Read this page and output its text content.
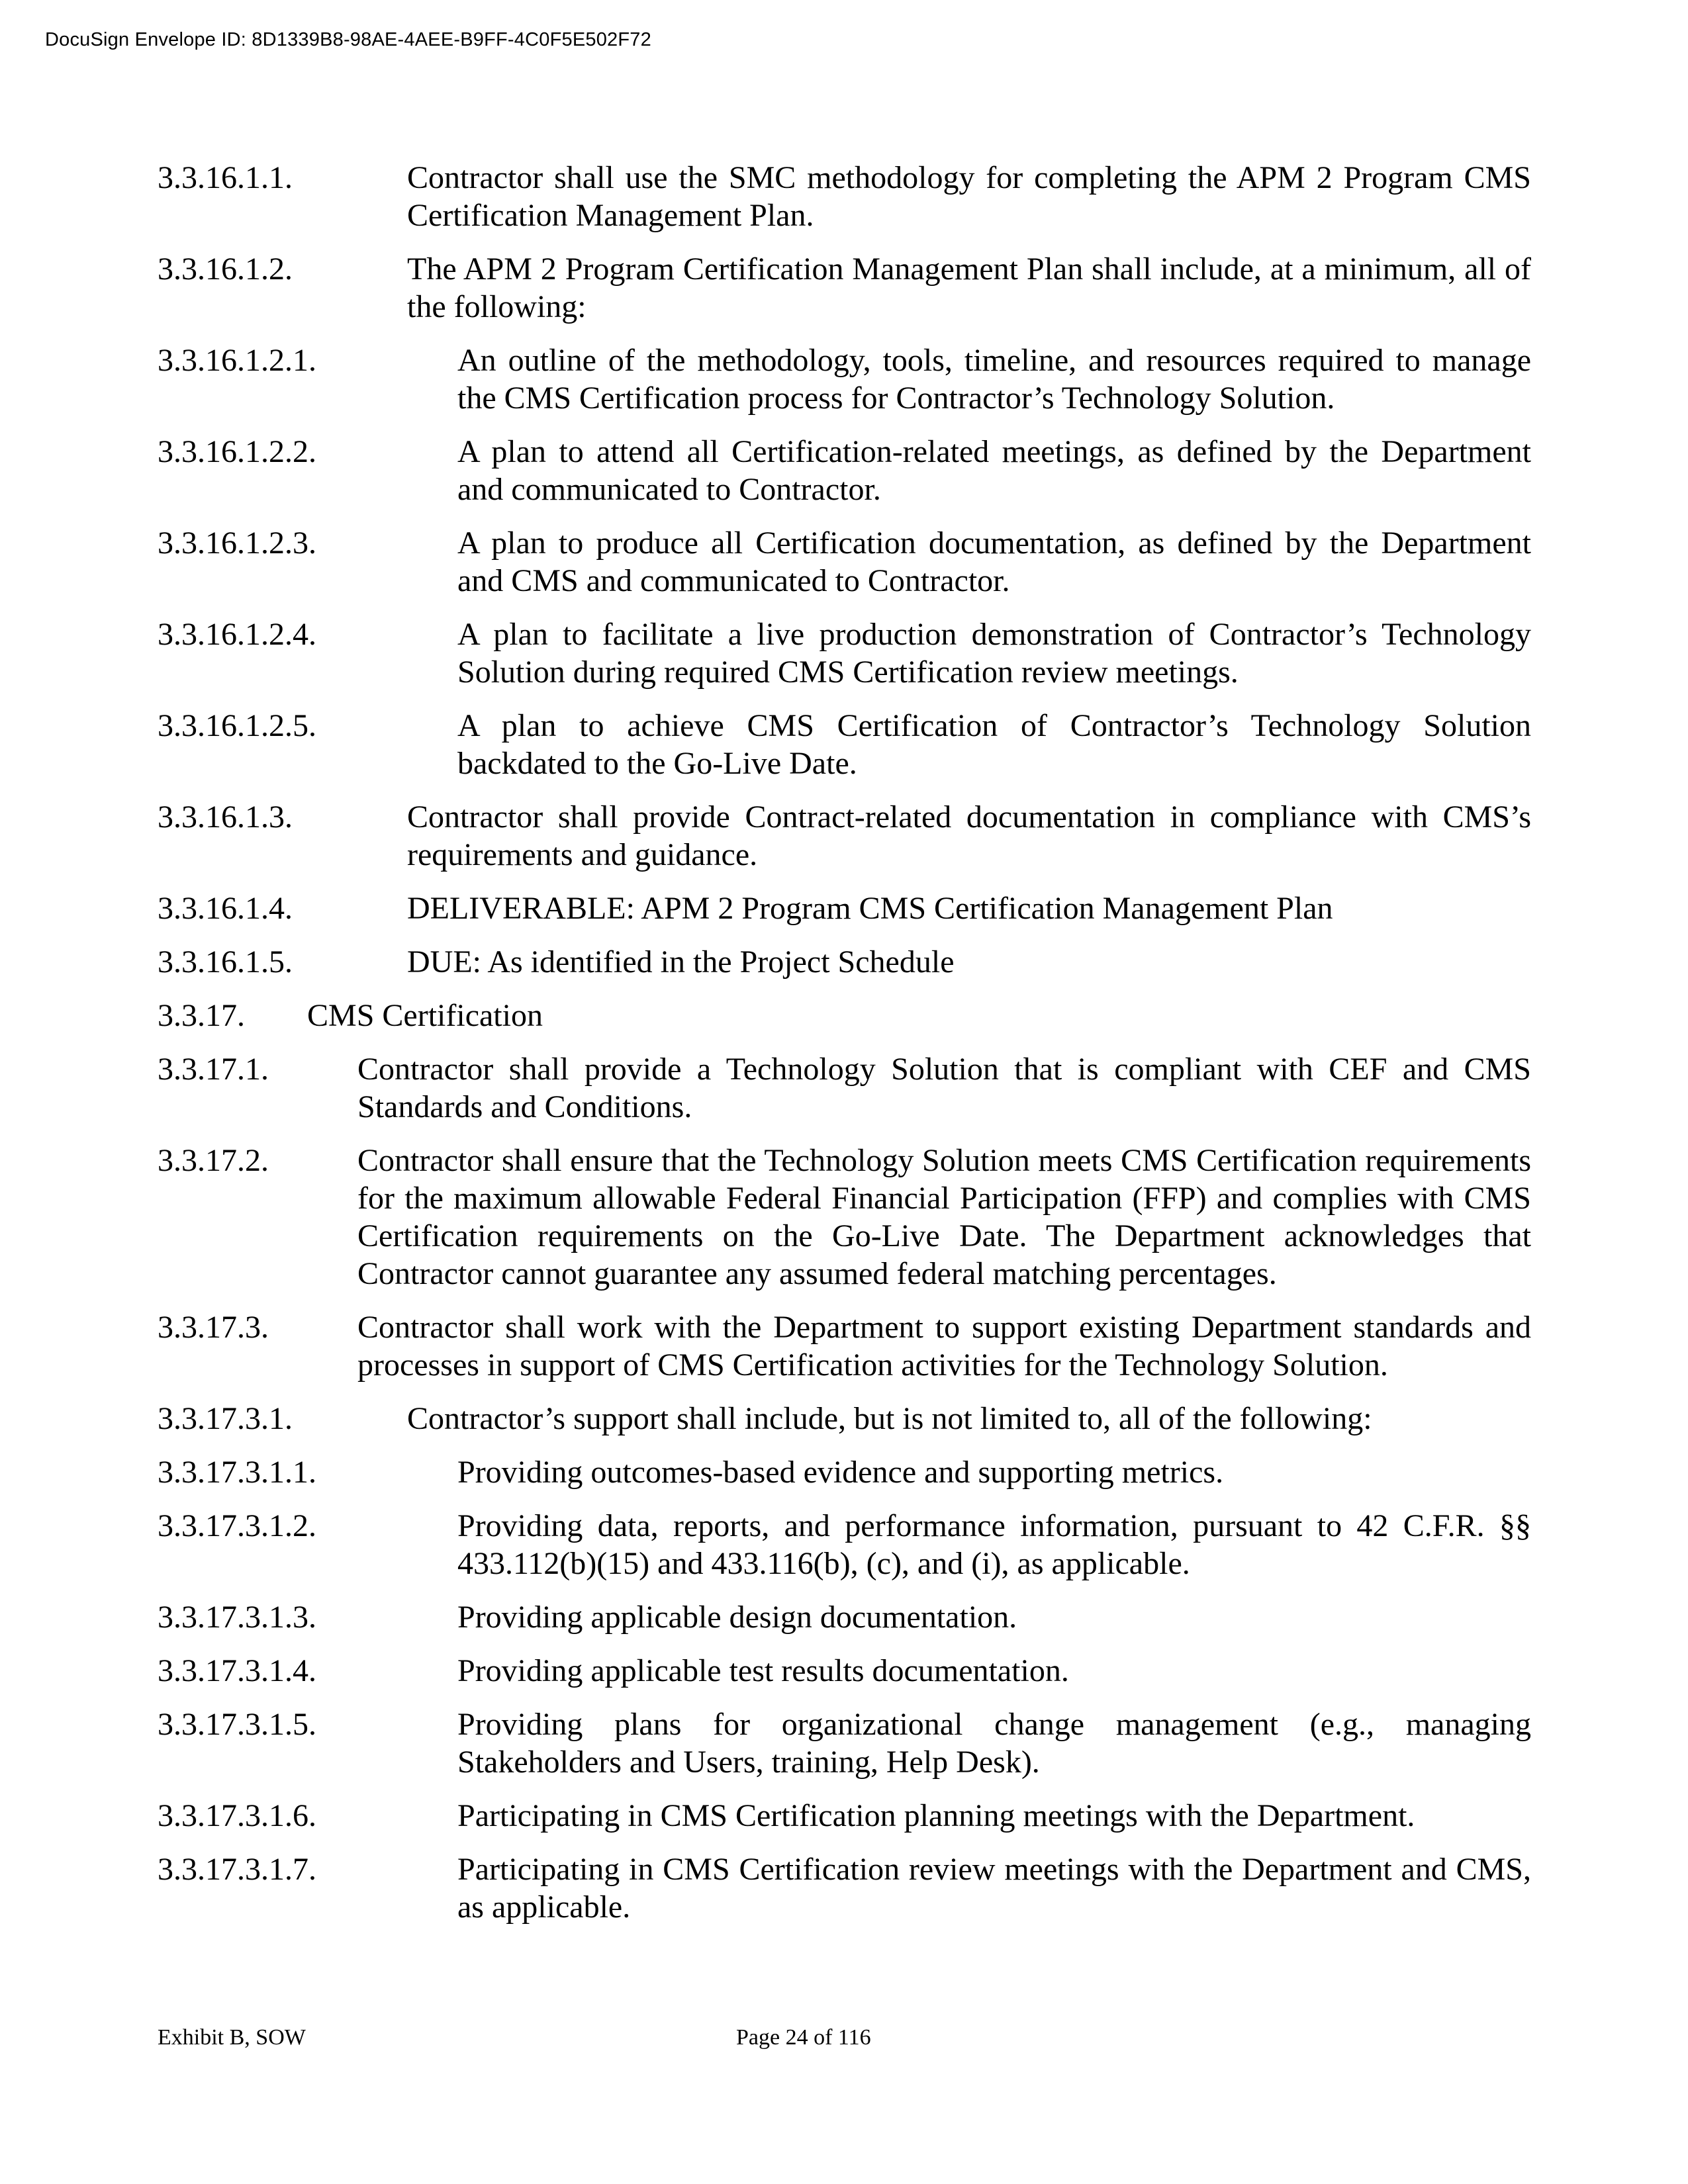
DocuSign Envelope ID: 8D1339B8-98AE-4AEE-B9FF-4C0F5E502F72
3.3.16.1.1.	Contractor shall use the SMC methodology for completing the APM 2 Program CMS Certification Management Plan.
3.3.16.1.2.	The APM 2 Program Certification Management Plan shall include, at a minimum, all of the following:
3.3.16.1.2.1.	An outline of the methodology, tools, timeline, and resources required to manage the CMS Certification process for Contractor’s Technology Solution.
3.3.16.1.2.2.	A plan to attend all Certification-related meetings, as defined by the Department and communicated to Contractor.
3.3.16.1.2.3.	A plan to produce all Certification documentation, as defined by the Department and CMS and communicated to Contractor.
3.3.16.1.2.4.	A plan to facilitate a live production demonstration of Contractor’s Technology Solution during required CMS Certification review meetings.
3.3.16.1.2.5.	A plan to achieve CMS Certification of Contractor’s Technology Solution backdated to the Go-Live Date.
3.3.16.1.3.	Contractor shall provide Contract-related documentation in compliance with CMS’s requirements and guidance.
3.3.16.1.4.	DELIVERABLE: APM 2 Program CMS Certification Management Plan
3.3.16.1.5.	DUE: As identified in the Project Schedule
3.3.17. CMS Certification
3.3.17.1.	Contractor shall provide a Technology Solution that is compliant with CEF and CMS Standards and Conditions.
3.3.17.2.	Contractor shall ensure that the Technology Solution meets CMS Certification requirements for the maximum allowable Federal Financial Participation (FFP) and complies with CMS Certification requirements on the Go-Live Date. The Department acknowledges that Contractor cannot guarantee any assumed federal matching percentages.
3.3.17.3.	Contractor shall work with the Department to support existing Department standards and processes in support of CMS Certification activities for the Technology Solution.
3.3.17.3.1.	Contractor’s support shall include, but is not limited to, all of the following:
3.3.17.3.1.1.	Providing outcomes-based evidence and supporting metrics.
3.3.17.3.1.2.	Providing data, reports, and performance information, pursuant to 42 C.F.R. §§ 433.112(b)(15) and 433.116(b), (c), and (i), as applicable.
3.3.17.3.1.3.	Providing applicable design documentation.
3.3.17.3.1.4.	Providing applicable test results documentation.
3.3.17.3.1.5.	Providing plans for organizational change management (e.g., managing Stakeholders and Users, training, Help Desk).
3.3.17.3.1.6.	Participating in CMS Certification planning meetings with the Department.
3.3.17.3.1.7.	Participating in CMS Certification review meetings with the Department and CMS, as applicable.
Exhibit B, SOW	Page 24 of 116
